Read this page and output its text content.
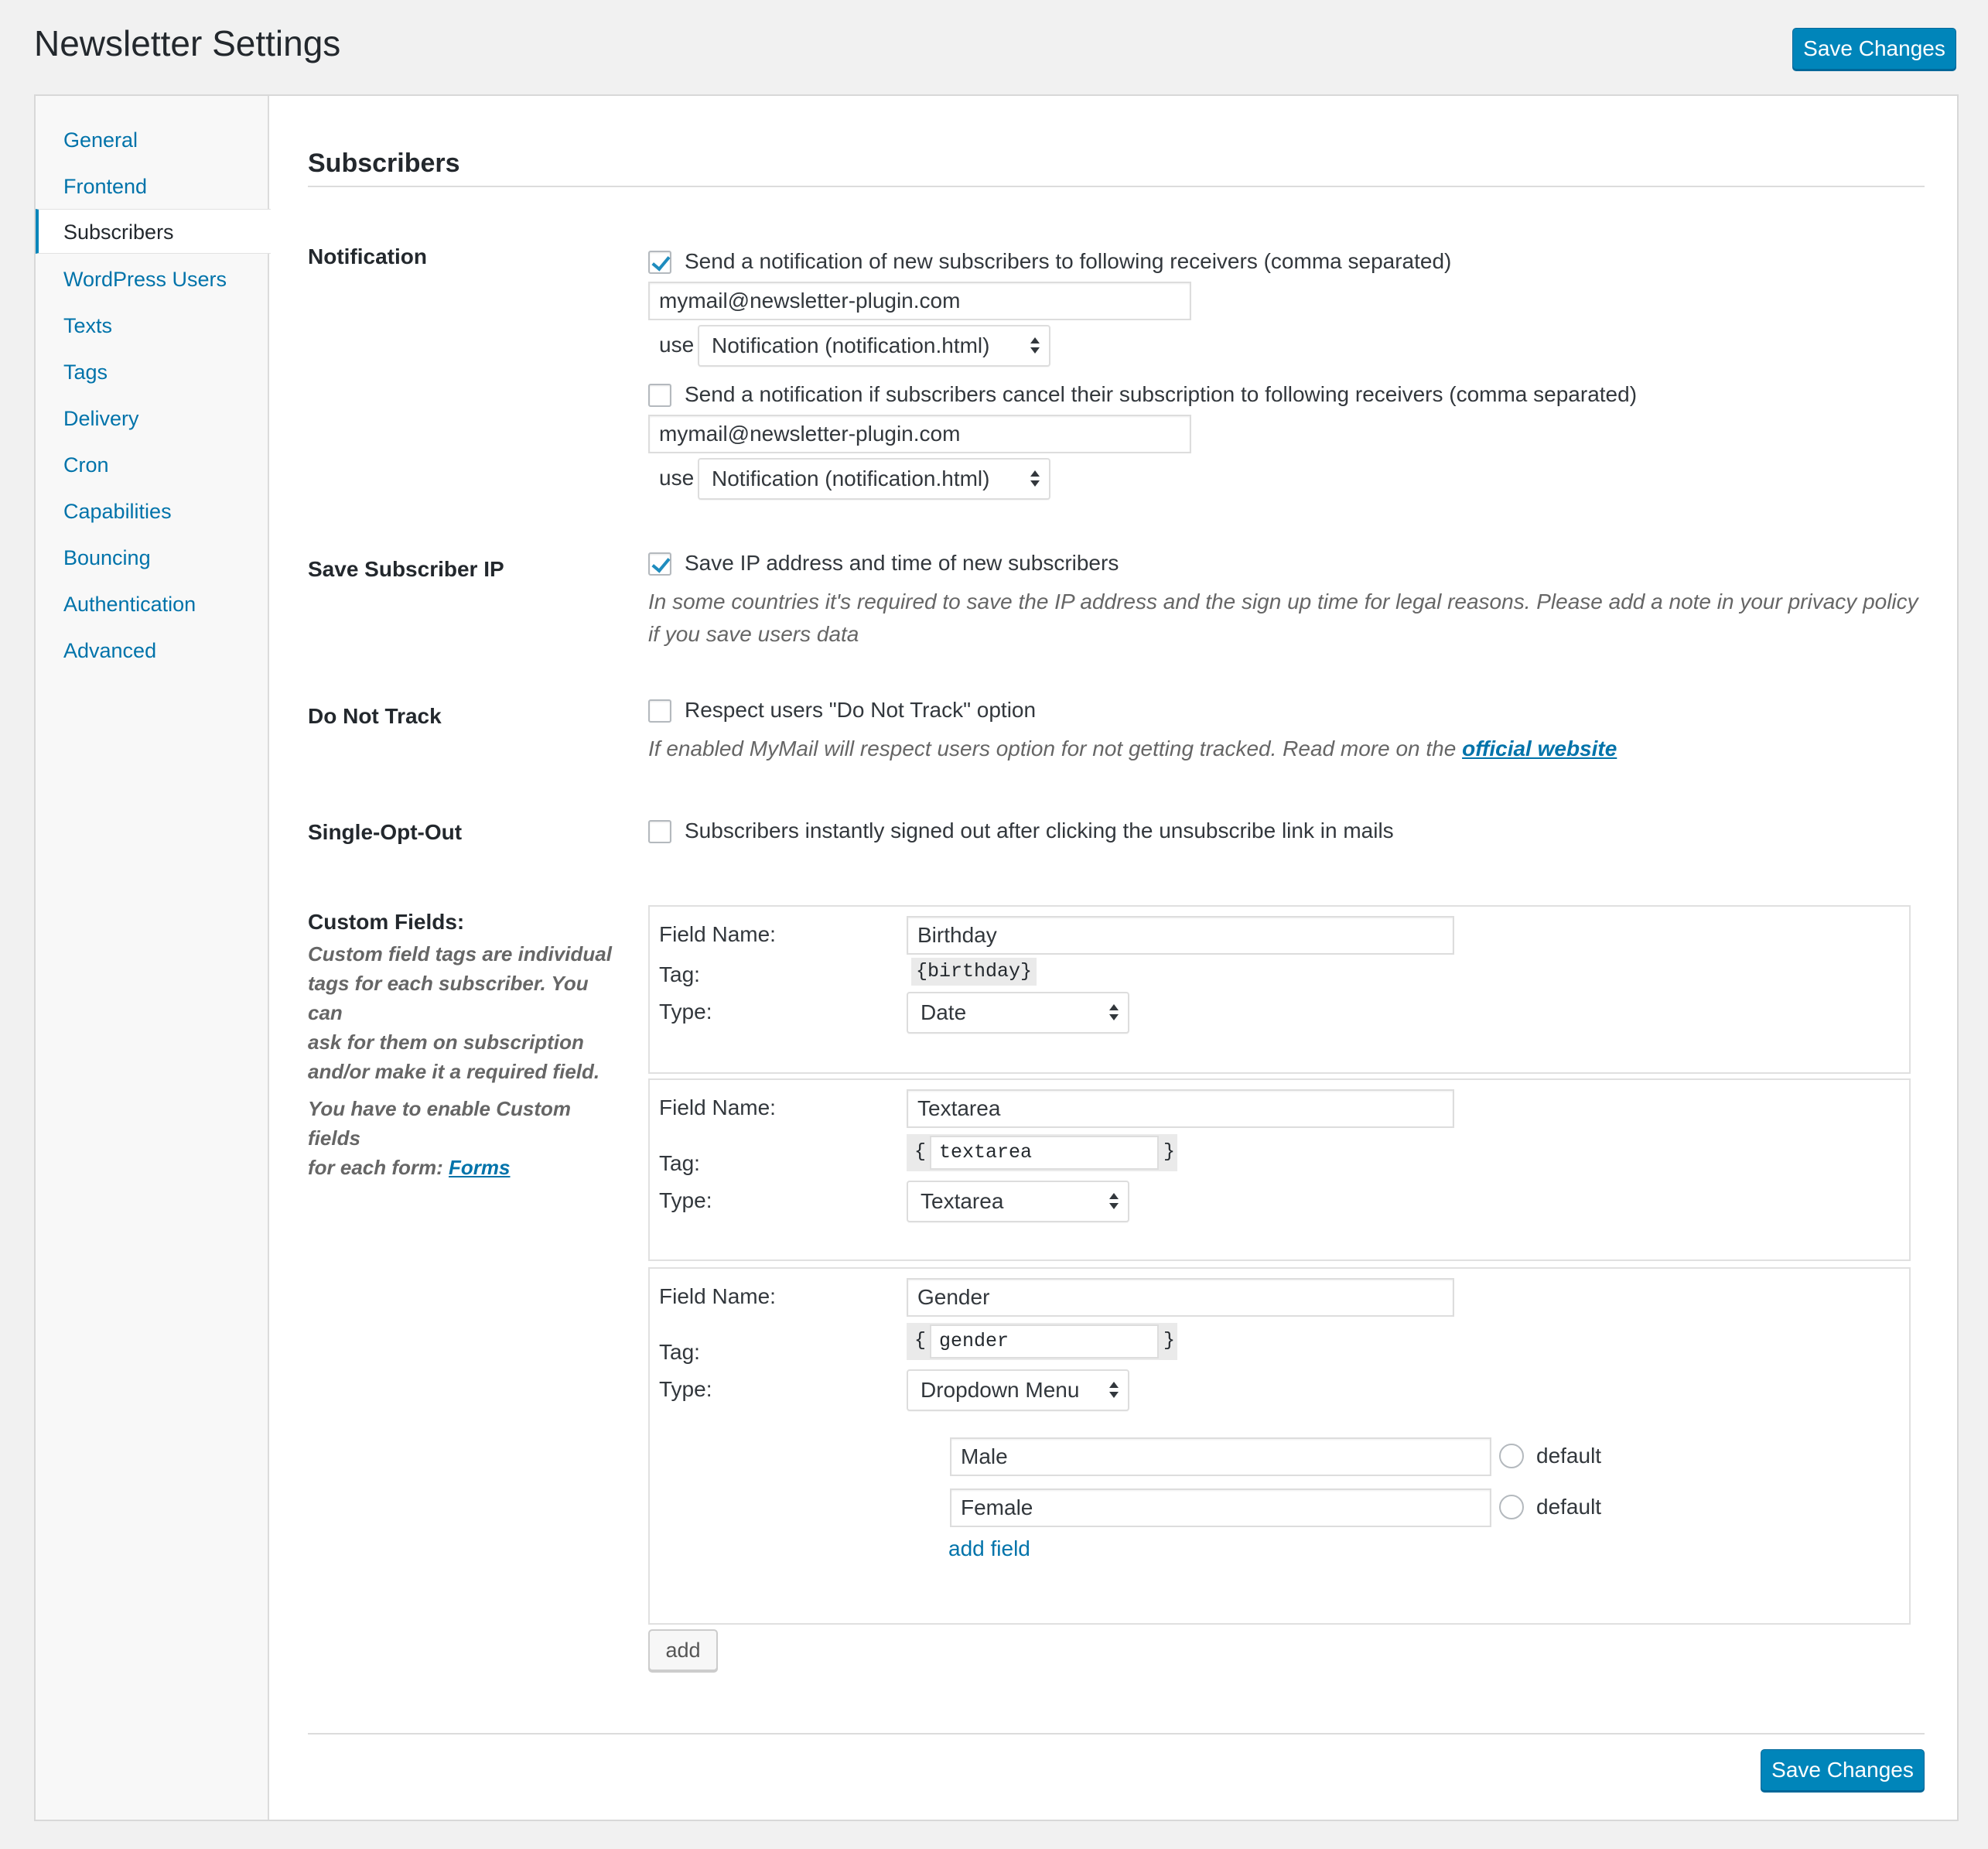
Newsletter Settings	Save Changes
General
Frontend
Subscribers
WordPress Users
Texts
Tags
Delivery
Cron
Capabilities
Bouncing
Authentication
Advanced
Subscribers
Notification	Send a notification of new subscribers to following receivers (comma separated)
mymail@newsletter-plugin.com
use Notification (notification.html)
Send a notification if subscribers cancel their subscription to following receivers (comma separated)
mymail@newsletter-plugin.com
use Notification (notification.html)
Save Subscriber IP	Save IP address and time of new subscribers
In some countries it's required to save the IP address and the sign up time for legal reasons. Please add a note in your privacy policy
if you save users data
Do Not Track	Respect users "Do Not Track" option
If enabled MyMail will respect users option for not getting tracked. Read more on the official website
Single-Opt-Out	Subscribers instantly signed out after clicking the unsubscribe link in mails
Custom Fields:
Custom field tags are individual
tags for each subscriber. You can
ask for them on subscription
and/or make it a required field.
You have to enable Custom fields
for each form: Forms
Field Name:	Birthday
Tag:	{birthday}
Type:	Date
Field Name:	Textarea
Tag:	{ textarea	}
Type:	Textarea
Field Name:	Gender
Tag:	{ gender	}
Type:	Dropdown Menu
Male	default
Female	default
add field
add
Save Changes
